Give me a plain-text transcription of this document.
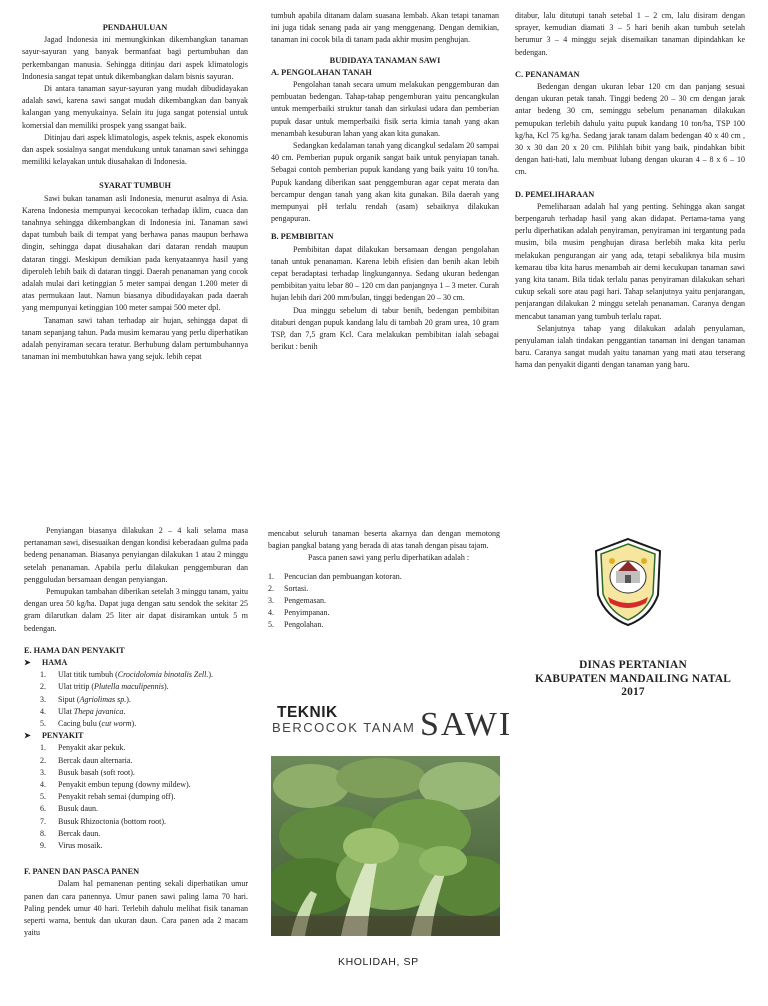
PENDAHULUAN

Jagad Indonesia ini memungkinkan dikembangkan tanaman sayur-sayuran yang banyak bermanfaat bagi pertumbuhan dan perkembangan manusia. Sehingga ditinjau dari aspek klimatologis Indonesia sangat tepat untuk dikembangkan dalam bisnis sayuran.

Di antara tanaman sayur-sayuran yang mudah dibudidayakan adalah sawi, karena sawi sangat mudah dikembangkan dan banyak kalangan yang menyukainya. Selain itu juga sangat potensial untuk komersial dan memiliki prospek yang ssangat baik.

Ditinjau dari aspek klimatologis, aspek teknis, aspek ekonomis dan aspek sosialnya sangat mendukung untuk tanaman sawi sehingga memiliki kelayakan untuk diusahakan di Indonesia.

SYARAT TUMBUH

Sawi bukan tanaman asli Indonesia, menurut asalnya di Asia. Karena Indonesia mempunyai kecocokan terhadap iklim, cuaca dan tanahnya sehingga dikembangkan di Indonesia ini. Tanaman sawi dapat tumbuh baik di tempat yang berhawa panas maupun berhawa dingin, sehingga dapat diusahakan dari dataran rendah maupun dataran tinggi. Meskipun demikian pada kenyataannya hasil yang diperoleh lebih baik di dataran tinggi. Daerah penanaman yang cocok adalah mulai dari ketinggian 5 meter sampai dengan 1.200 meter di atas permukaan laut. Namun biasanya dibudidayakan pada daerah yang mempunyai ketinggian 100 meter sampai 500 meter dpl.

Tanaman sawi tahan terhadap air hujan, sehingga dapat di tanam sepanjang tahun. Pada musim kemarau yang perlu diperhatikan adalah penyiraman secara teratur. Berhubung dalam pertumbuhannya tanaman ini membutuhkan hawa yang sejuk. lebih cepat

tumbuh apabila ditanam dalam suasana lembab. Akan tetapi tanaman ini juga tidak senang pada air yang menggenang. Dengan demikian, tanaman ini cocok bila di tanam pada akhir musim penghujan.

BUDIDAYA TANAMAN SAWI
A. PENGOLAHAN TANAH

Pengolahan tanah secara umum melakukan penggemburan dan pembuatan bedengan. Tahap-tahap pengemburan yaitu pencangkulan untuk memperbaiki struktur tanah dan sirkulasi udara dan pemberian pupuk dasar untuk memperbaiki fisik serta kimia tanah yang akan menambah kesuburan lahan yang akan kita gunakan.

Sedangkan kedalaman tanah yang dicangkul sedalam 20 sampai 40 cm. Pemberian pupuk organik sangat baik untuk penyiapan tanah. Sebagai contoh pemberian pupuk kandang yang baik yaitu 10 ton/ha. Pupuk kandang diberikan saat penggemburan agar cepat merata dan bercampur dengan tanah yang akan kita gunakan. Bila daerah yang mempunyai pH terlalu rendah (asam) sebaiknya dilakukan pengapuran.

B. PEMBIBITAN

Pembibitan dapat dilakukan bersamaan dengan pengolahan tanah untuk penanaman. Karena lebih efisien dan benih akan lebih cepat beradaptasi terhadap lingkungannya. Sedang ukuran bedengan pembibitan yaitu lebar 80 – 120 cm dan panjangnya 1 – 3 meter. Curah hujan lebih dari 200 mm/bulan, tinggi bedengan 20 – 30 cm.

Dua minggu sebelum di tabur benih, bedengan pembibitan ditaburi dengan pupuk kandang lalu di tambah 20 gram urea, 10 gram TSP, dan 7,5 gram Kcl. Cara melakukan pembibitan ialah sebagai berikut : benih

ditabur, lalu ditutupi tanah setebal 1 – 2 cm, lalu disiram dengan sprayer, kemudian diamati 3 – 5 hari benih akan tumbuh setelah berumur 3 – 4 minggu sejak disemaikan tanaman dipindahkan ke bedengan.

C. PENANAMAN

Bedengan dengan ukuran lebar 120 cm dan panjang sesuai dengan ukuran petak tanah. Tinggi bedeng 20 – 30 cm dengan jarak antar bedeng 30 cm, seminggu sebelum penanaman dilakukan pemupukan terlebih dahulu yaitu pupuk kandang 10 ton/ha, TSP 100 kg/ha, Kcl 75 kg/ha. Sedang jarak tanam dalam bedengan 40 x 40 cm , 30 x 30 dan 20 x 20 cm. Pilihlah bibit yang baik, pindahkan bibit dengan hati-hati, lalu membuat lubang dengan ukuran 4 – 8 x 6 – 10 cm.

D. PEMELIHARAAN

Pemeliharaan adalah hal yang penting. Sehingga akan sangat berpengaruh terhadap hasil yang akan didapat. Pertama-tama yang perlu diperhatikan adalah penyiraman, penyiraman ini tergantung pada musim, bila musim penghujan dirasa berlebih maka kita perlu melakukan pengurangan air yang ada, tetapi sebaliknya bila musim kemarau tiba kita harus menambah air demi kecukupan tanaman sawi yang kita tanam. Bila tidak terlalu panas penyiraman dilakukan sehari cukup sekali sore atau pagi hari. Tahap selanjutnya yaitu penjarangan, penjarangan dilakukan 2 minggu setelah penanaman. Caranya dengan mencabut tanaman yang tumbuh terlalu rapat.

Selanjutnya tahap yang dilakukan adalah penyulaman, penyulaman ialah tindakan penggantian tanaman ini dengan tanaman baru. Caranya sangat mudah yaitu tanaman yang mati atau terserang hama dan penyakit diganti dengan tanaman yang baru.

Penyiangan biasanya dilakukan 2 – 4 kali selama masa pertanaman sawi, disesuaikan dengan kondisi keberadaan gulma pada bedeng penanaman. Biasanya penyiangan dilakukan 1 atau 2 minggu setelah penanaman. Apabila perlu dilakukan penggemburan dan pengguludan bersamaan dengan penyiangan.

Pemupukan tambahan diberikan setelah 3 minggu tanam, yaitu dengan urea 50 kg/ha. Dapat juga dengan satu sendok the sekitar 25 gram dilarutkan dalam 25 liter air dapat disiramkan untuk 5 m bedengan.

E. HAMA DAN PENYAKIT
➤ HAMA
1. Ulat titik tumbuh (Crocidolomia binotalis Zell.).
2. Ulat tritip (Plutella maculipennis).
3. Siput (Agriolimas sp.).
4. Ulat Thepa javanica.
5. Cacing bulu (cut worm).
➤ PENYAKIT
1. Penyakit akar pekuk.
2. Bercak daun alternaria.
3. Busuk basah (soft root).
4. Penyakit embun tepung (downy mildew).
5. Penyakit rebah semai (dumping off).
6. Busuk daun.
7. Busuk Rhizoctonia (bottom root).
8. Bercak daun.
9. Virus mosaik.
F. PANEN DAN PASCA PANEN

Dalam hal pemanenan penting sekali diperhatikan umur panen dan cara panennya. Umur panen sawi paling lama 70 hari. Paling pendek umur 40 hari. Terlebih dahulu melihat fisik tanaman seperti warna, bentuk dan ukuran daun. Cara panen ada 2 macam yaitu

mencabut seluruh tanaman beserta akarnya dan dengan memotong bagian pangkal batang yang berada di atas tanah dengan pisau tajam.

Pasca panen sawi yang perlu diperhatikan adalah :

1. Pencucian dan pembuangan kotoran.
2. Sortasi.
3. Pengemasan.
4. Penyimpanan.
5. Pengolahan.
TEKNIK
BERCOCOK TANAM SAWI
KHOLIDAH, SP
DINAS PERTANIAN
KABUPATEN MANDAILING NATAL
2017
